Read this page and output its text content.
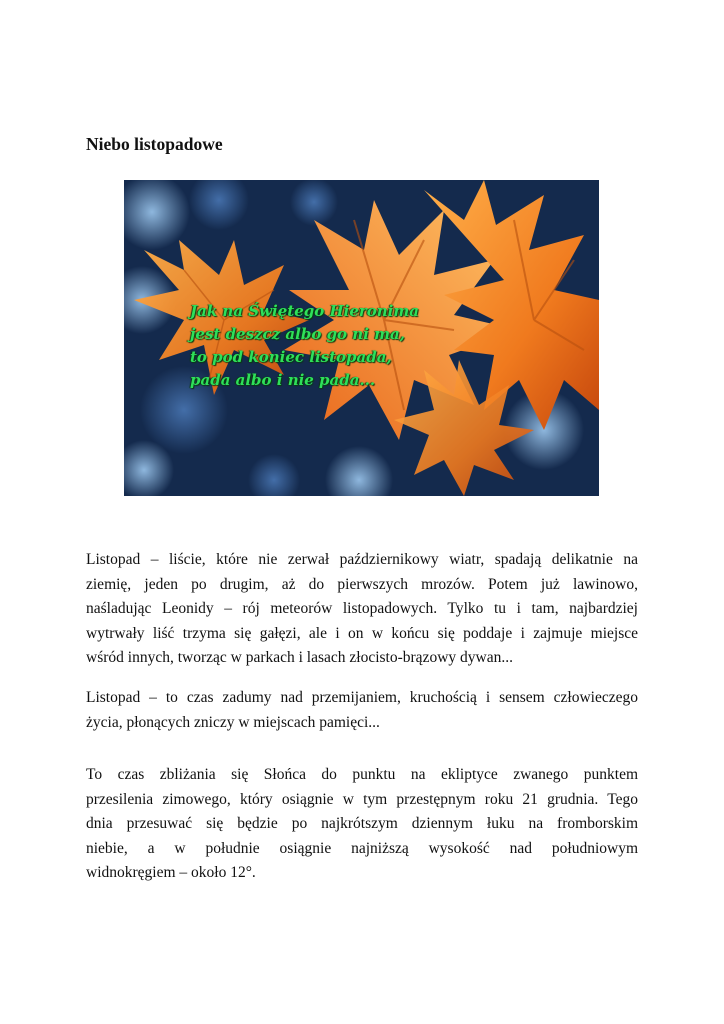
Niebo listopadowe

Jak na Świętego Hieronima
jest deszcz albo go ni ma,
to pod koniec listopada,
pada albo i nie pada...

Listopad – liście, które nie zerwał październikowy wiatr, spadają delikatnie na
ziemię, jeden po drugim, aż do pierwszych mrozów. Potem już lawinowo,
naśladując Leonidy – rój meteorów listopadowych. Tylko tu i tam, najbardziej
wytrwały liść trzyma się gałęzi, ale i on w końcu się poddaje i zajmuje miejsce
wśród innych, tworząc w parkach i lasach złocisto-brązowy dywan...

Listopad – to czas zadumy nad przemijaniem, kruchością i sensem człowieczego
życia, płonących zniczy w miejscach pamięci...

To czas zbliżania się Słońca do punktu na ekliptyce zwanego punktem
przesilenia zimowego, który osiągnie w tym przestępnym roku 21 grudnia. Tego
dnia przesuwać się będzie po najkrótszym dziennym łuku na fromborskim
niebie, a w południe osiągnie najniższą wysokość nad południowym
widnokręgiem – około 12°.
